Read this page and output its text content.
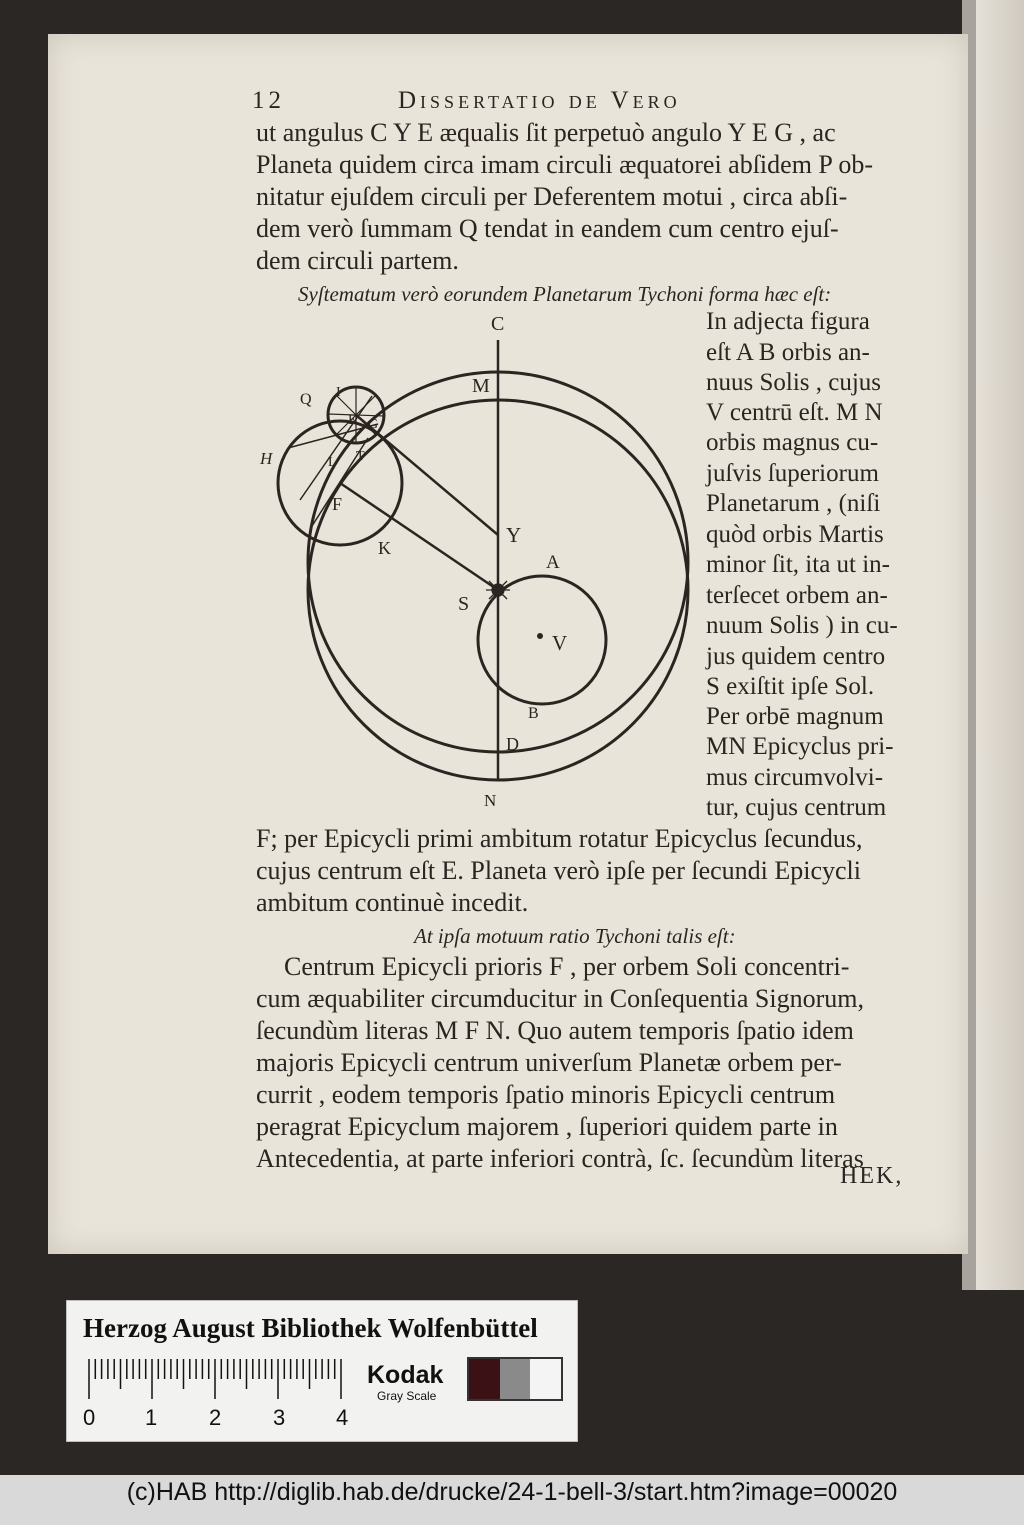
12	Dissertatio de Vero
ut angulus C Y E æqualis ſit perpetuò angulo Y E G , ac
Planeta quidem circa imam circuli æquatorei abſidem P ob-
nitatur ejuſdem circuli per Deferentem motui , circa abſi-
dem verò ſummam Q tendat in eandem cum centro ejuſ-
dem circuli partem.
Syſtematum verò eorundem Planetarum Tychoni forma hæc eſt:
In adjecta figura
eſt A B orbis an-
nuus Solis , cujus
V centrū eſt. M N
orbis magnus cu-
juſvis ſuperiorum
Planetarum , (niſi
quòd orbis Martis
minor ſit, ita ut in-
terſecet orbem an-
nuum Solis ) in cu-
jus quidem centro
S exiſtit ipſe Sol.
Per orbē magnum
MN Epicyclus pri-
mus circumvolvi-
tur, cujus centrum
C
M
Q I
E G
H	L T
F
K
Y
A
S
V
B
D
N
F; per Epicycli primi ambitum rotatur Epicyclus ſecundus,
cujus centrum eſt E. Planeta verò ipſe per ſecundi Epicycli
ambitum continuè incedit.
At ipſa motuum ratio Tychoni talis eſt:
Centrum Epicycli prioris F , per orbem Soli concentri-
cum æquabiliter circumducitur in Conſequentia Signorum,
ſecundùm literas M F N. Quo autem temporis ſpatio idem
majoris Epicycli centrum univerſum Planetæ orbem per-
currit , eodem temporis ſpatio minoris Epicycli centrum
peragrat Epicyclum majorem , ſuperiori quidem parte in
Antecedentia, at parte inferiori contrà, ſc. ſecundùm literas
HEK,
Herzog August Bibliothek Wolfenbüttel
0 1 2 3 4
Kodak
Gray Scale
(c)HAB http://diglib.hab.de/drucke/24-1-bell-3/start.htm?image=00020
